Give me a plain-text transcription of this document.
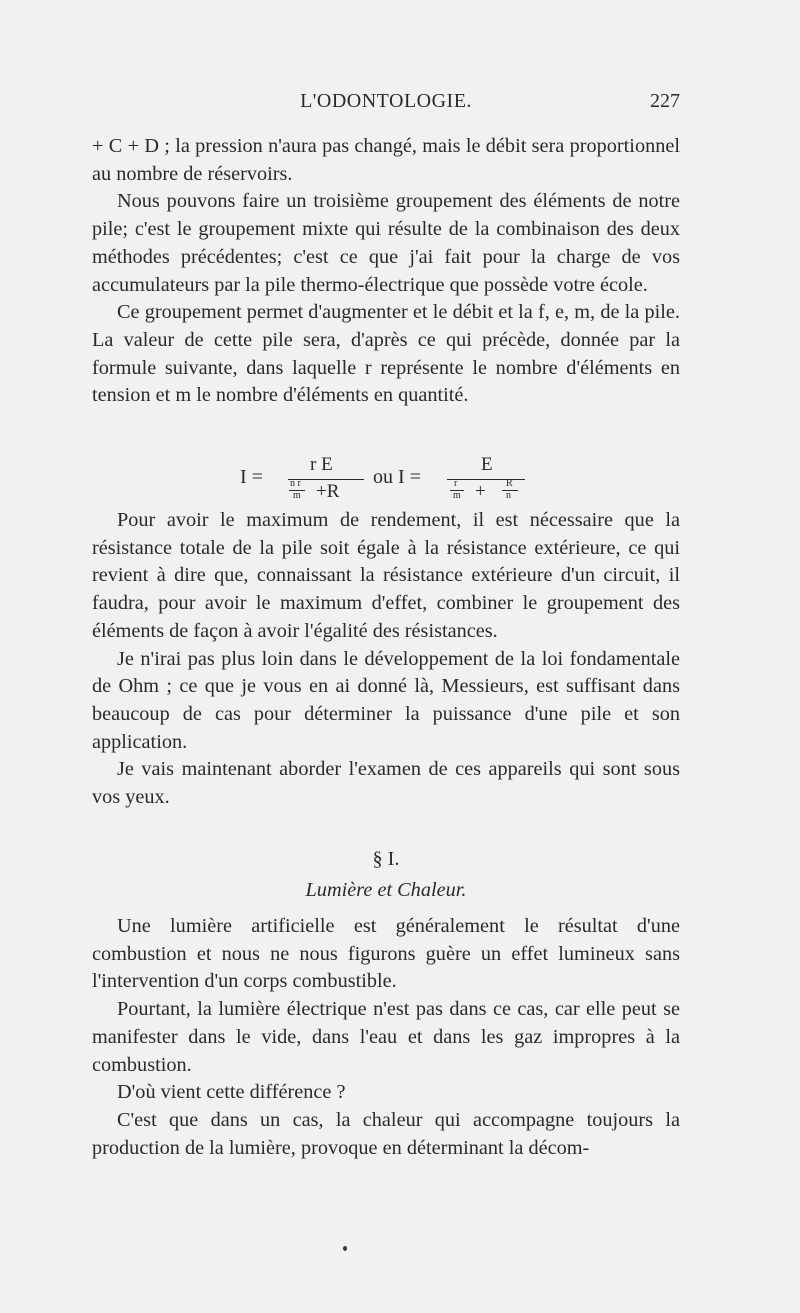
L'ODONTOLOGIE.	227

+ C + D ; la pression n'aura pas changé, mais le débit sera proportionnel au nombre de réservoirs.

Nous pouvons faire un troisième groupement des éléments de notre pile; c'est le groupement mixte qui résulte de la combinaison des deux méthodes précédentes; c'est ce que j'ai fait pour la charge de vos accumulateurs par la pile thermo-électrique que possède votre école.

Ce groupement permet d'augmenter et le débit et la f, e, m, de la pile. La valeur de cette pile sera, d'après ce qui précède, donnée par la formule suivante, dans laquelle r représente le nombre d'éléments en tension et m le nombre d'éléments en quantité.

I =
r E
n r
m +R
ou I =
E
r
m + R
n

Pour avoir le maximum de rendement, il est nécessaire que la résistance totale de la pile soit égale à la résistance extérieure, ce qui revient à dire que, connaissant la résistance extérieure d'un circuit, il faudra, pour avoir le maximum d'effet, combiner le groupement des éléments de façon à avoir l'égalité des résistances.

Je n'irai pas plus loin dans le développement de la loi fondamentale de Ohm ; ce que je vous en ai donné là, Messieurs, est suffisant dans beaucoup de cas pour déterminer la puissance d'une pile et son application.

Je vais maintenant aborder l'examen de ces appareils qui sont sous vos yeux.

§ I.
Lumière et Chaleur.

Une lumière artificielle est généralement le résultat d'une combustion et nous ne nous figurons guère un effet lumineux sans l'intervention d'un corps combustible.

Pourtant, la lumière électrique n'est pas dans ce cas, car elle peut se manifester dans le vide, dans l'eau et dans les gaz impropres à la combustion.

D'où vient cette différence ?

C'est que dans un cas, la chaleur qui accompagne toujours la production de la lumière, provoque en déterminant la décom-
